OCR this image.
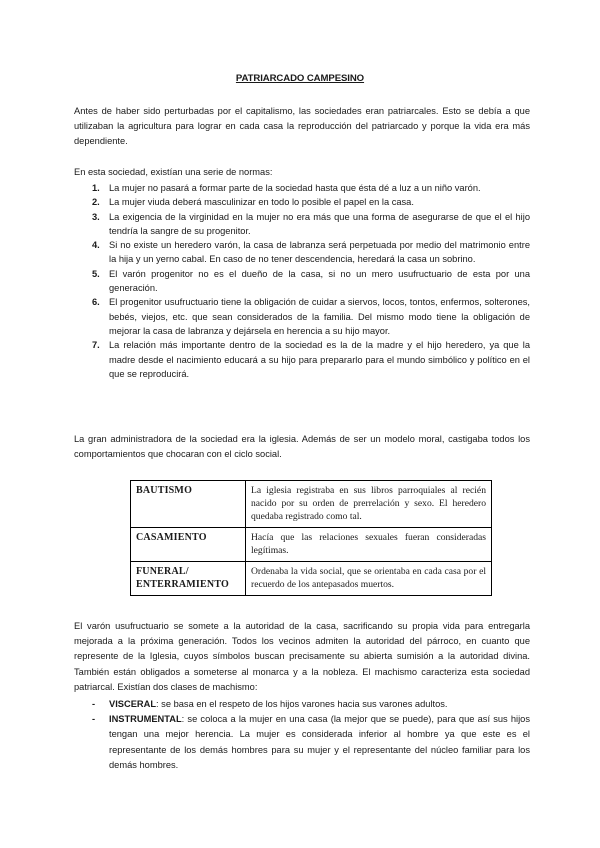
PATRIARCADO CAMPESINO

Antes de haber sido perturbadas por el capitalismo, las sociedades eran patriarcales. Esto se debía a que utilizaban la agricultura para lograr en cada casa la reproducción del patriarcado y porque la vida era más dependiente.

En esta sociedad, existían una serie de normas:

1. La mujer no pasará a formar parte de la sociedad hasta que ésta dé a luz a un niño varón.
2. La mujer viuda deberá masculinizar en todo lo posible el papel en la casa.
3. La exigencia de la virginidad en la mujer no era más que una forma de asegurarse de que el el hijo tendría la sangre de su progenitor.
4. Si no existe un heredero varón, la casa de labranza será perpetuada por medio del matrimonio entre la hija y un yerno cabal. En caso de no tener descendencia, heredará la casa un sobrino.
5. El varón progenitor no es el dueño de la casa, si no un mero usufructuario de esta por una generación.
6. El progenitor usufructuario tiene la obligación de cuidar a siervos, locos, tontos, enfermos, solterones, bebés, viejos, etc. que sean considerados de la familia. Del mismo modo tiene la obligación de mejorar la casa de labranza y dejársela en herencia a su hijo mayor.
7. La relación más importante dentro de la sociedad es la de la madre y el hijo heredero, ya que la madre desde el nacimiento educará a su hijo para prepararlo para el mundo simbólico y político en el que se reproducirá.

La gran administradora de la sociedad era la iglesia. Además de ser un modelo moral, castigaba todos los comportamientos que chocaran con el ciclo social.

BAUTISMO	La iglesia registraba en sus libros parroquiales al recién nacido por su orden de prerrelación y sexo. El heredero quedaba registrado como tal.
CASAMIENTO	Hacía que las relaciones sexuales fueran consideradas legítimas.
FUNERAL/ ENTERRAMIENTO	Ordenaba la vida social, que se orientaba en cada casa por el recuerdo de los antepasados muertos.

El varón usufructuario se somete a la autoridad de la casa, sacrificando su propia vida para entregarla mejorada a la próxima generación. Todos los vecinos admiten la autoridad del párroco, en cuanto que represente de la Iglesia, cuyos símbolos buscan precisamente su abierta sumisión a la autoridad divina. También están obligados a someterse al monarca y a la nobleza. El machismo caracteriza esta sociedad patriarcal. Existían dos clases de machismo:

- VISCERAL: se basa en el respeto de los hijos varones hacia sus varones adultos.
- INSTRUMENTAL: se coloca a la mujer en una casa (la mejor que se puede), para que así sus hijos tengan una mejor herencia. La mujer es considerada inferior al hombre ya que este es el representante de los demás hombres para su mujer y el representante del núcleo familiar para los demás hombres.
